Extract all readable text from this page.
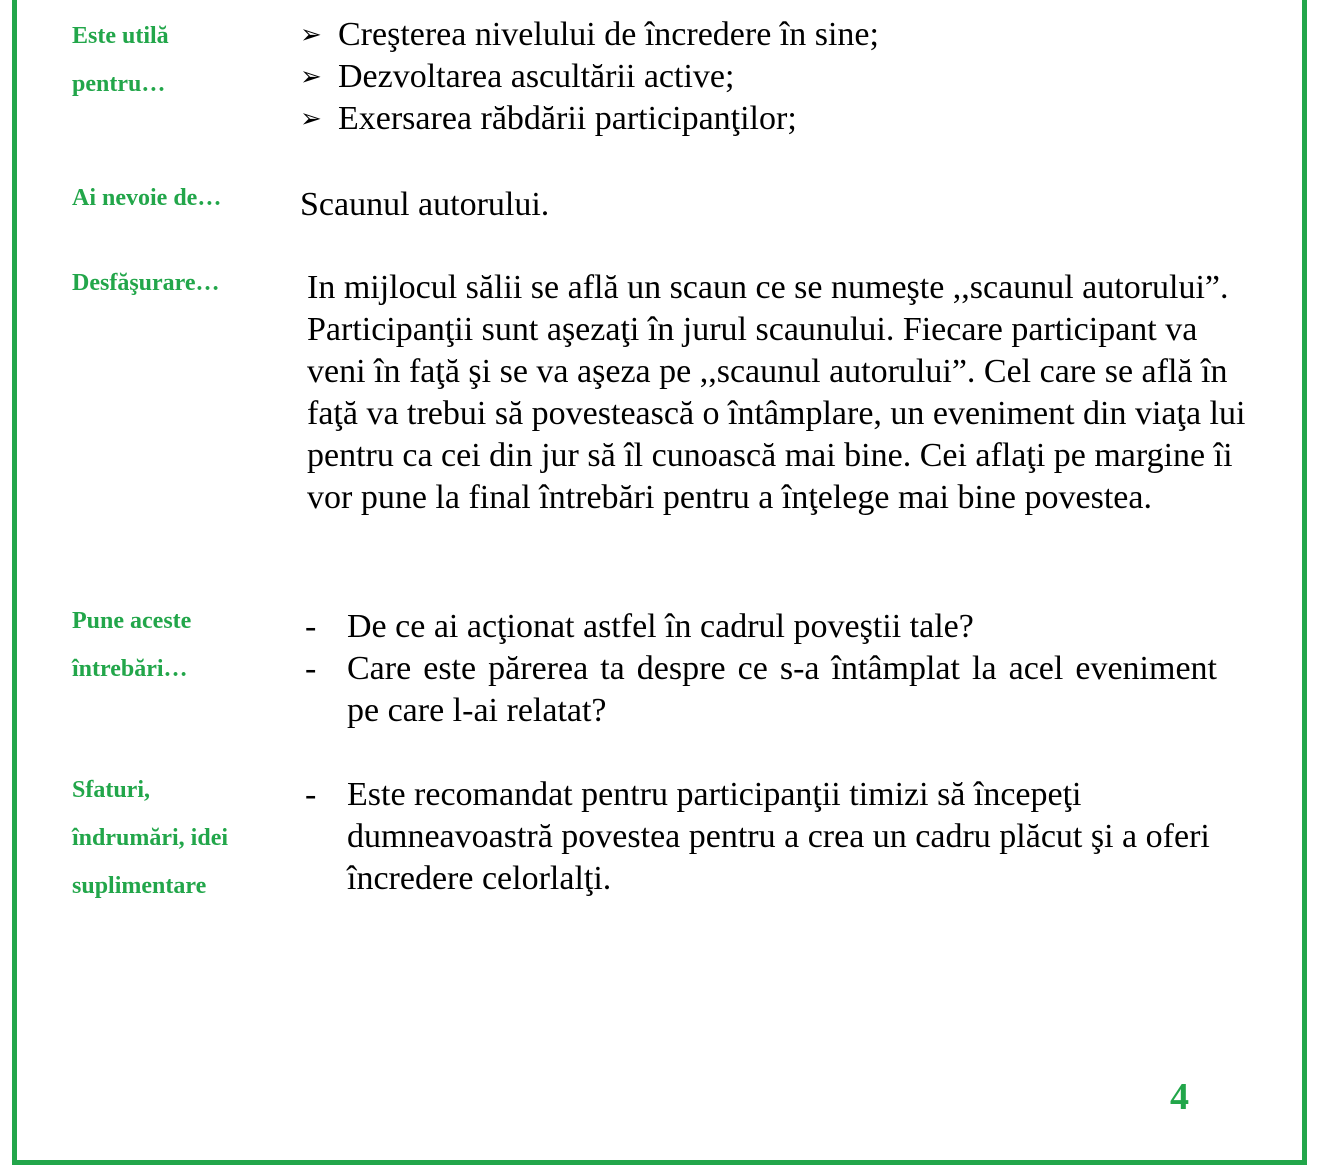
Este utilă
pentru…
➢ Creşterea nivelului de încredere în sine;
➢ Dezvoltarea ascultării active;
➢ Exersarea răbdării participanţilor;
Ai nevoie de… Scaunul autorului.
Desfăşurare…	In mijlocul sălii se află un scaun ce se numeşte ,,scaunul autorului”. Participanţii sunt aşezaţi în jurul scaunului. Fiecare participant va veni în faţă şi se va aşeza pe ,,scaunul autorului”. Cel care se află în faţă va trebui să povestească o întâmplare, un eveniment din viaţa lui pentru ca cei din jur să îl cunoască mai bine. Cei aflaţi pe margine îi vor pune la final întrebări pentru a înţelege mai bine povestea.
Pune aceste
întrebări…
- De ce ai acţionat astfel în cadrul poveştii tale?
- Care este părerea ta despre ce s-a întâmplat la acel eveniment pe care l-ai relatat?
Sfaturi,
îndrumări, idei
suplimentare
- Este recomandat pentru participanţii timizi să începeţi dumneavoastră povestea pentru a crea un cadru plăcut şi a oferi încredere celorlalţi.
4
